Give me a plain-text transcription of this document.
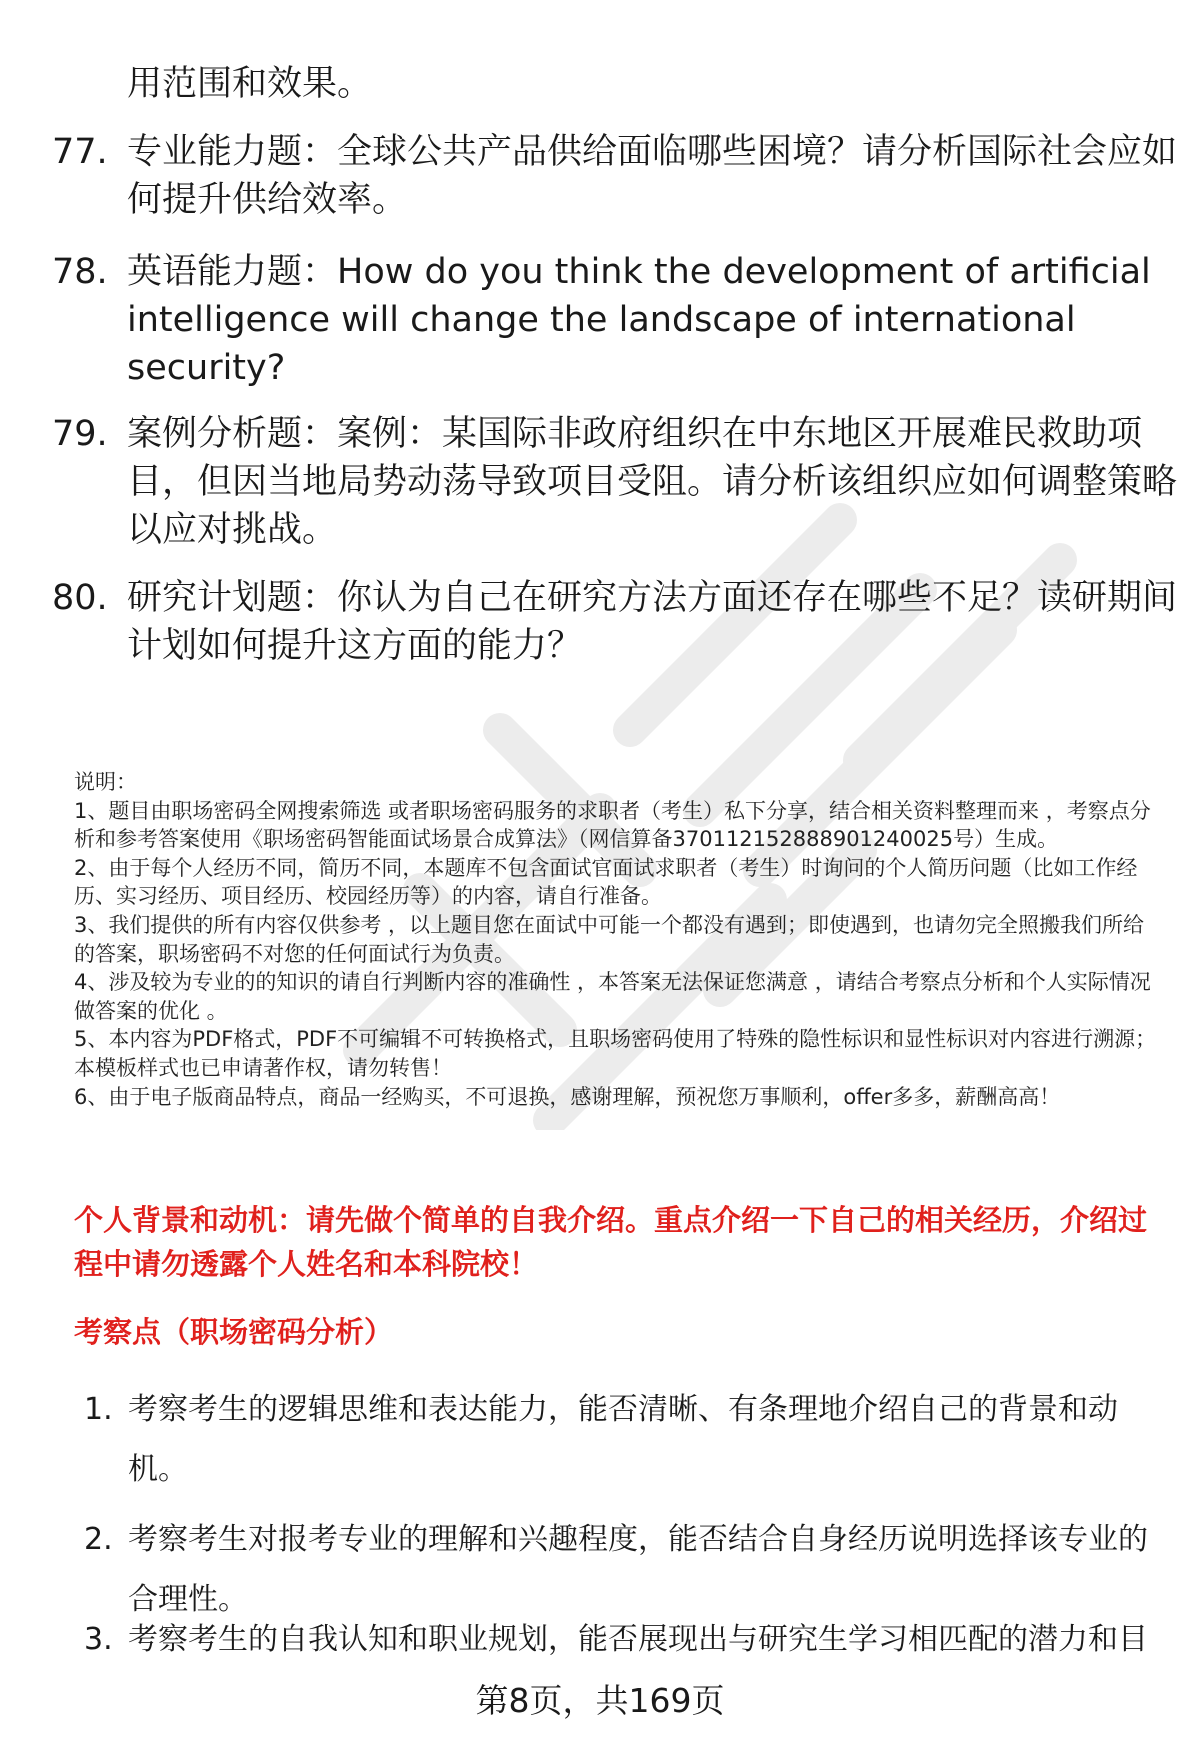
用范围和效果。
77. 专业能力题：全球公共产品供给面临哪些困境？请分析国际社会应如何提升供给效率。
78. 英语能力题：How do you think the development of artificial intelligence will change the landscape of international security?
79. 案例分析题：案例：某国际非政府组织在中东地区开展难民救助项目，但因当地局势动荡导致项目受阻。请分析该组织应如何调整策略以应对挑战。
80. 研究计划题：你认为自己在研究方法方面还存在哪些不足？读研期间计划如何提升这方面的能力？
说明：
1、题目由职场密码全网搜索筛选 或者职场密码服务的求职者（考生）私下分享，结合相关资料整理而来 ，考察点分析和参考答案使用《职场密码智能面试场景合成算法》（网信算备370112152888901240025号）生成。
2、由于每个人经历不同，简历不同，本题库不包含面试官面试求职者（考生）时询问的个人简历问题（比如工作经历、实习经历、项目经历、校园经历等）的内容，请自行准备。
3、我们提供的所有内容仅供参考 ，以上题目您在面试中可能一个都没有遇到；即使遇到，也请勿完全照搬我们所给的答案，职场密码不对您的任何面试行为负责。
4、涉及较为专业的的知识的请自行判断内容的准确性 ，本答案无法保证您满意 ，请结合考察点分析和个人实际情况做答案的优化 。
5、本内容为PDF格式，PDF不可编辑不可转换格式，且职场密码使用了特殊的隐性标识和显性标识对内容进行溯源；本模板样式也已申请著作权，请勿转售！
6、由于电子版商品特点，商品一经购买，不可退换，感谢理解，预祝您万事顺利，offer多多，薪酬高高！
个人背景和动机：请先做个简单的自我介绍。重点介绍一下自己的相关经历，介绍过程中请勿透露个人姓名和本科院校！
考察点（职场密码分析）
1. 考察考生的逻辑思维和表达能力，能否清晰、有条理地介绍自己的背景和动机。
2. 考察考生对报考专业的理解和兴趣程度，能否结合自身经历说明选择该专业的合理性。
3. 考察考生的自我认知和职业规划，能否展现出与研究生学习相匹配的潜力和目
第8页，共169页
